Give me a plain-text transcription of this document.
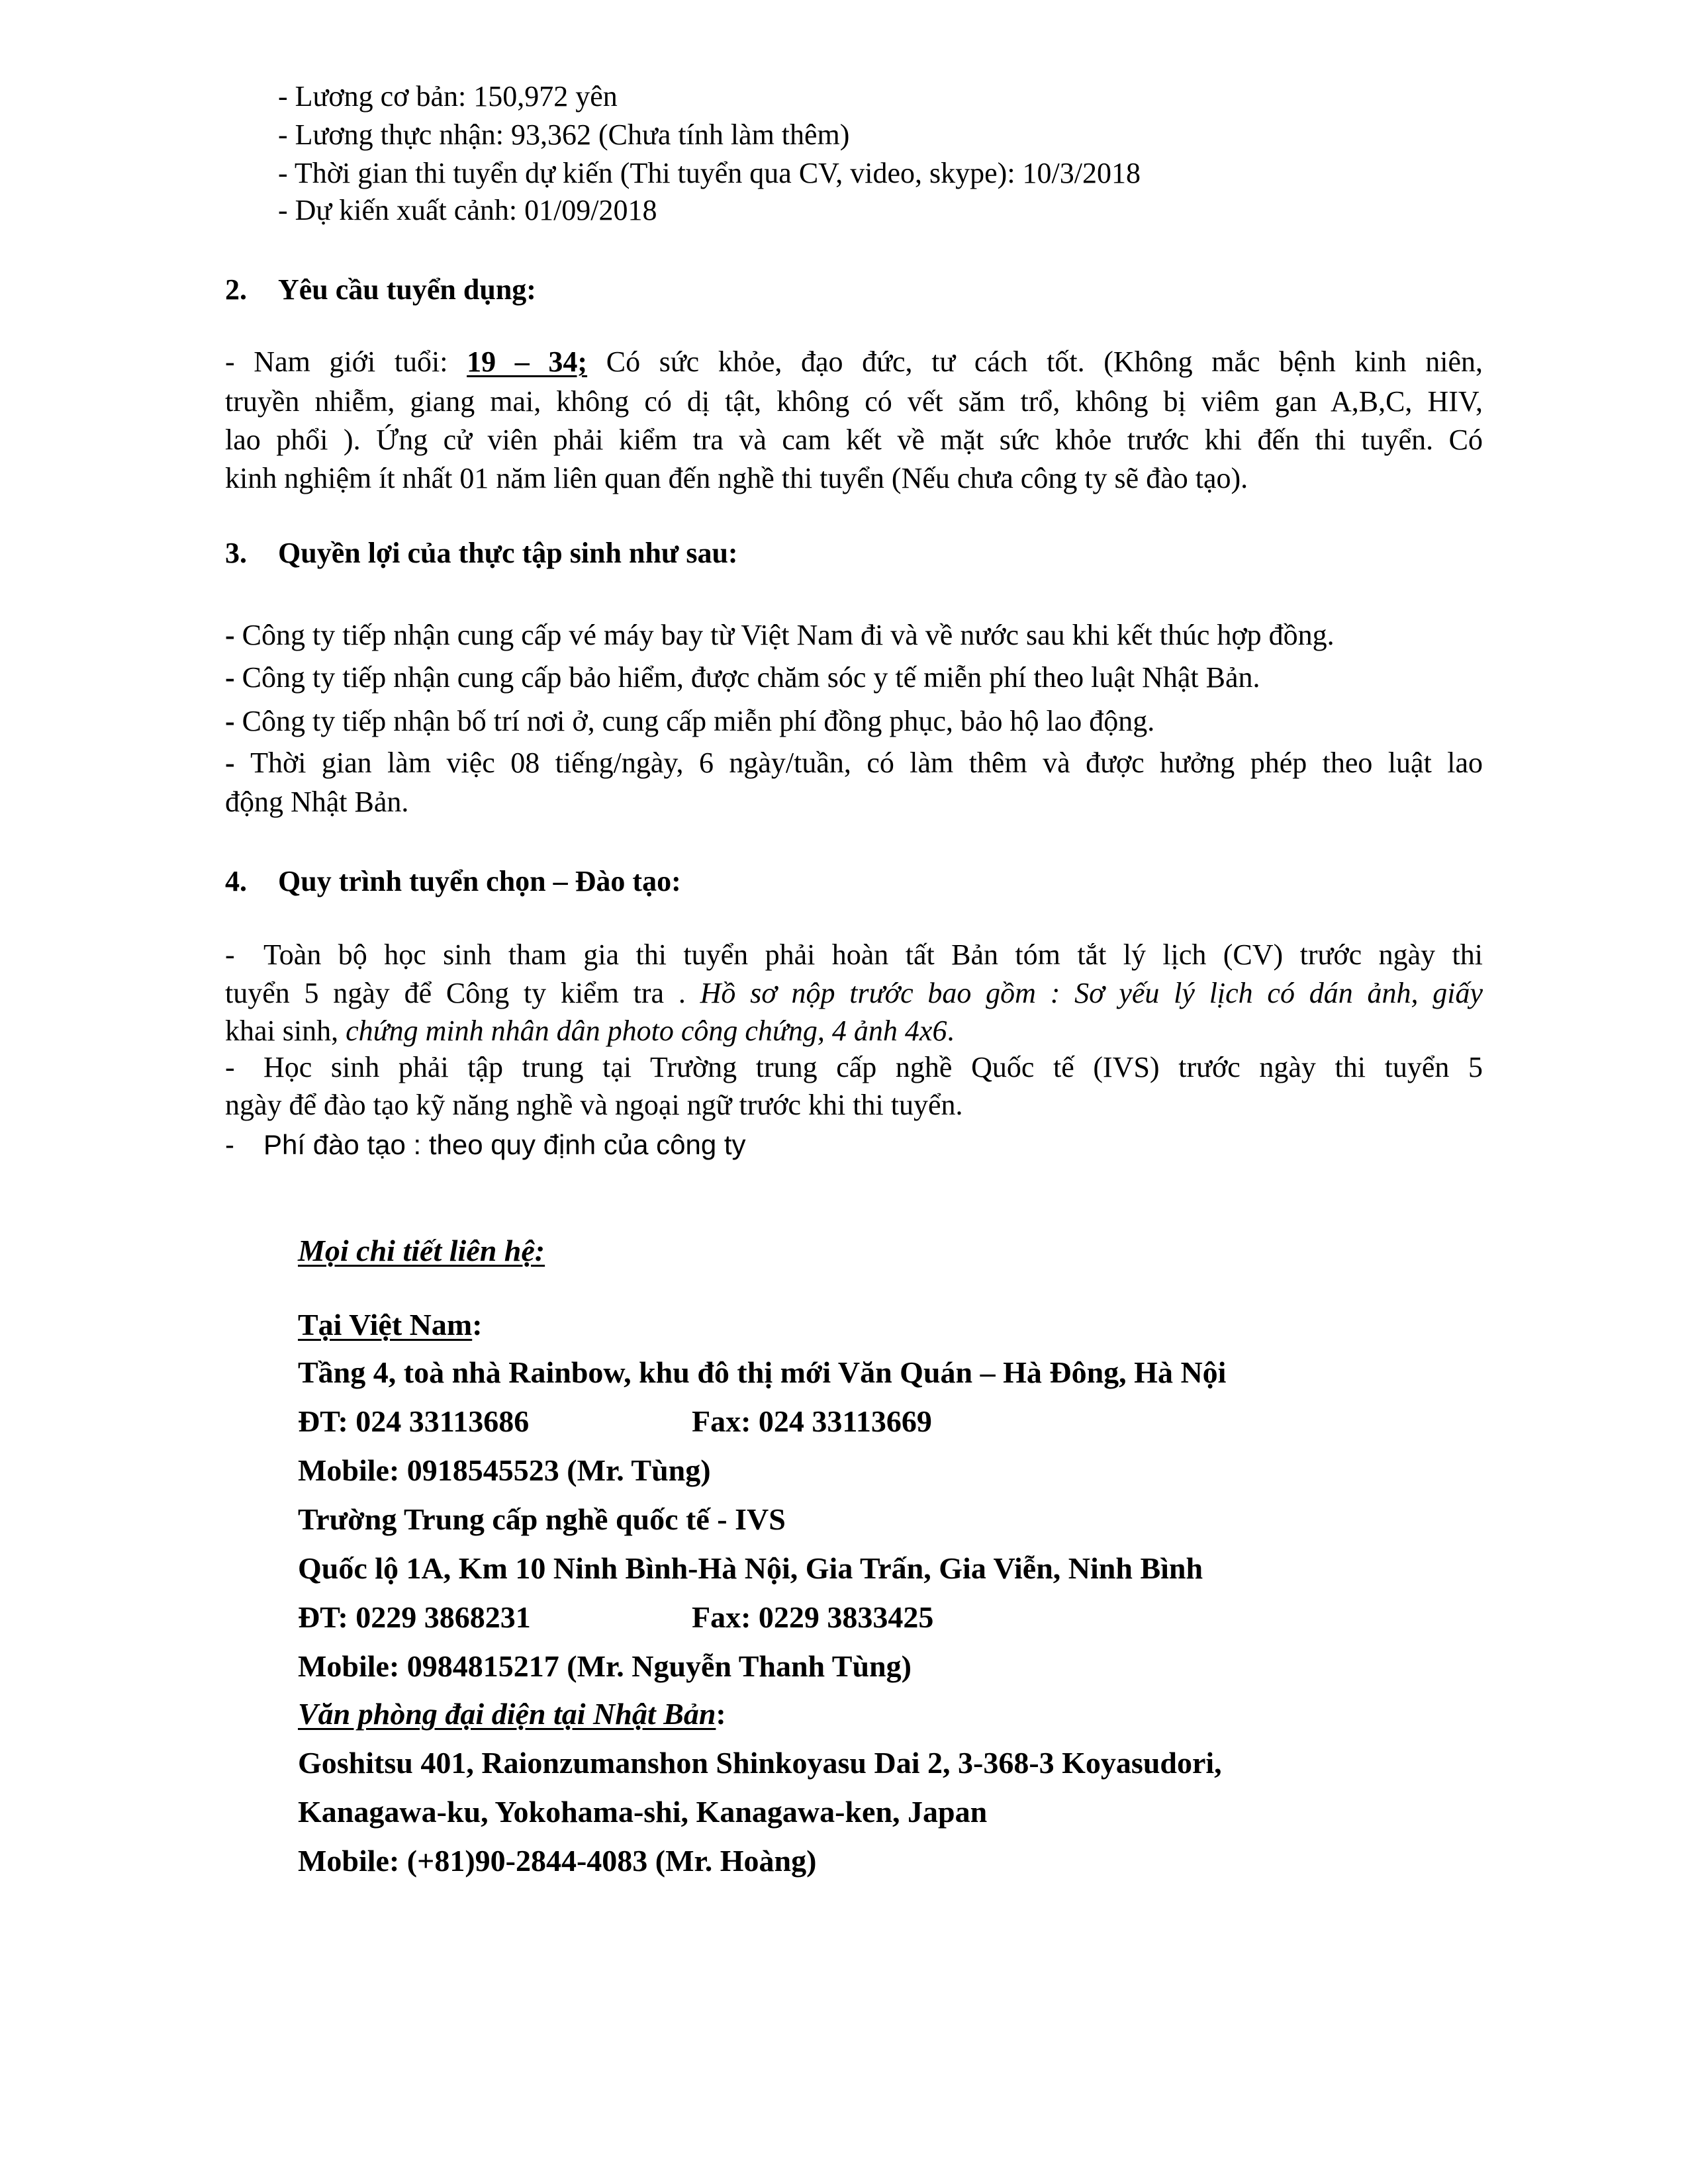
- Lương cơ bản: 150,972 yên
- Lương thực nhận: 93,362 (Chưa tính làm thêm)
- Thời gian thi tuyển dự kiến (Thi tuyển qua CV, video, skype): 10/3/2018
- Dự kiến xuất cảnh: 01/09/2018
2. Yêu cầu tuyển dụng:
- Nam giới tuổi: 19 – 34; Có sức khỏe, đạo đức, tư cách tốt. (Không mắc bệnh kinh niên,
truyền nhiễm, giang mai, không có dị tật, không có vết săm trổ, không bị viêm gan A,B,C, HIV,
lao phổi ). Ứng cử viên phải kiểm tra và cam kết về mặt sức khỏe trước khi đến thi tuyển. Có
kinh nghiệm ít nhất 01 năm liên quan đến nghề thi tuyển (Nếu chưa công ty sẽ đào tạo).
3. Quyền lợi của thực tập sinh như sau:
- Công ty tiếp nhận cung cấp vé máy bay từ Việt Nam đi và về nước sau khi kết thúc hợp đồng.
- Công ty tiếp nhận cung cấp bảo hiểm, được chăm sóc y tế miễn phí theo luật Nhật Bản.
- Công ty tiếp nhận bố trí nơi ở, cung cấp miễn phí đồng phục, bảo hộ lao động.
- Thời gian làm việc 08 tiếng/ngày, 6 ngày/tuần, có làm thêm và được hưởng phép theo luật lao
động Nhật Bản.
4. Quy trình tuyển chọn – Đào tạo:
- Toàn bộ học sinh tham gia thi tuyển phải hoàn tất Bản tóm tắt lý lịch (CV) trước ngày thi
tuyển 5 ngày để Công ty kiểm tra . Hồ sơ nộp trước bao gồm : Sơ yếu lý lịch có dán ảnh, giấy
khai sinh, chứng minh nhân dân photo công chứng, 4 ảnh 4x6.
- Học sinh phải tập trung tại Trường trung cấp nghề Quốc tế (IVS) trước ngày thi tuyển 5
ngày để đào tạo kỹ năng nghề và ngoại ngữ trước khi thi tuyển.
- Phí đào tạo : theo quy định của công ty
Mọi chi tiết liên hệ:
Tại Việt Nam:
Tầng 4, toà nhà Rainbow, khu đô thị mới Văn Quán – Hà Đông, Hà Nội
ĐT: 024 33113686	Fax: 024 33113669
Mobile: 0918545523 (Mr. Tùng)
Trường Trung cấp nghề quốc tế - IVS
Quốc lộ 1A, Km 10 Ninh Bình-Hà Nội, Gia Trấn, Gia Viễn, Ninh Bình
ĐT: 0229 3868231	Fax: 0229 3833425
Mobile: 0984815217 (Mr. Nguyễn Thanh Tùng)
Văn phòng đại diện tại Nhật Bản:
Goshitsu 401, Raionzumanshon Shinkoyasu Dai 2, 3-368-3 Koyasudori,
Kanagawa-ku, Yokohama-shi, Kanagawa-ken, Japan
Mobile: (+81)90-2844-4083 (Mr. Hoàng)
